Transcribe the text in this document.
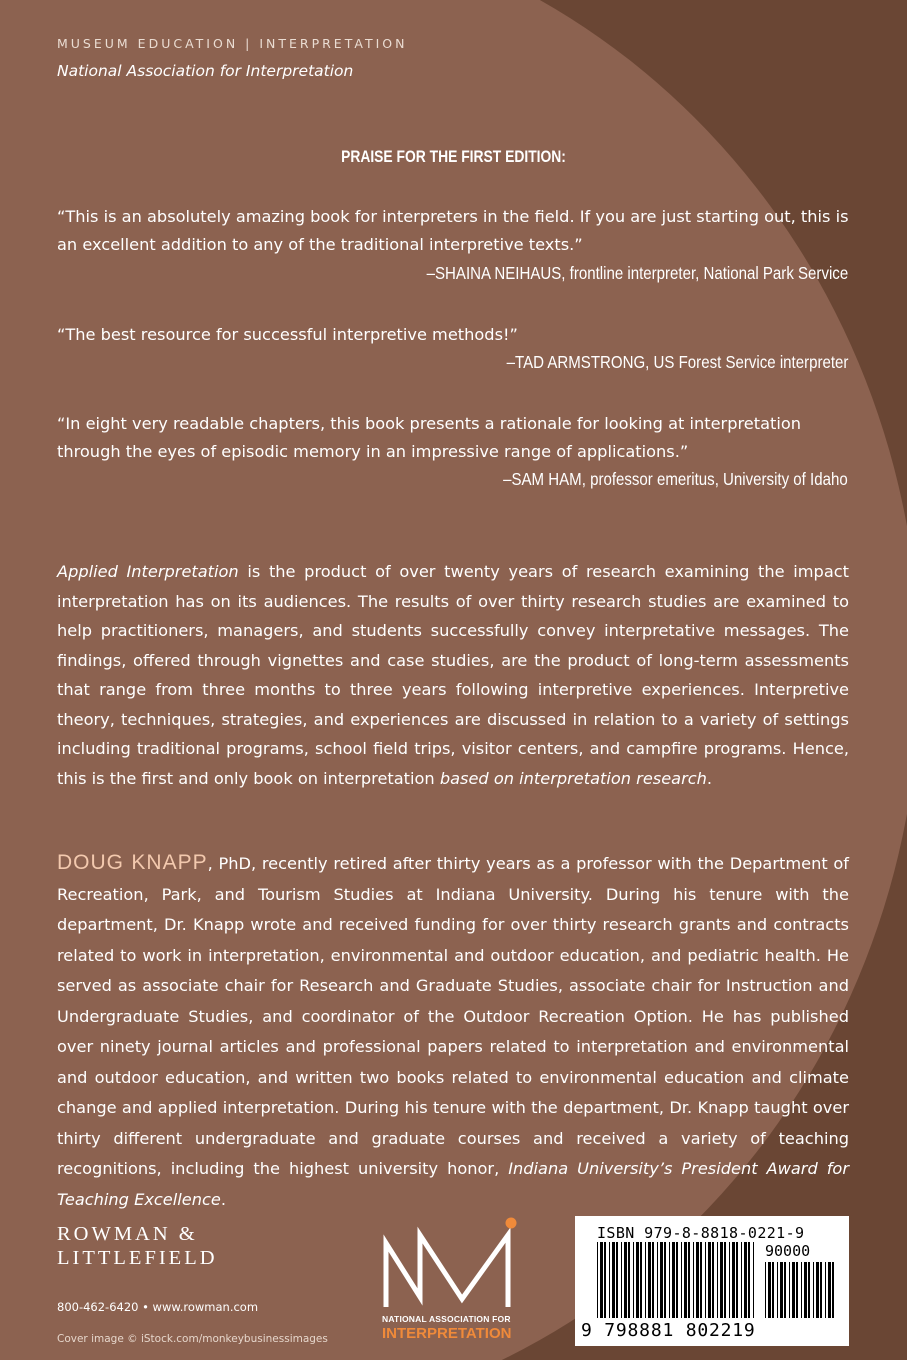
MUSEUM EDUCATION | INTERPRETATION
National Association for Interpretation
PRAISE FOR THE FIRST EDITION:

“This is an absolutely amazing book for interpreters in the field. If you are just starting out, this is an excellent addition to any of the traditional interpretive texts.”

–SHAINA NEIHAUS, frontline interpreter, National Park Service

“The best resource for successful interpretive methods!”

–TAD ARMSTRONG, US Forest Service interpreter

“In eight very readable chapters, this book presents a rationale for looking at interpretation through the eyes of episodic memory in an impressive range of applications.”

–SAM HAM, professor emeritus, University of Idaho
Applied Interpretation is the product of over twenty years of research examining the impact interpretation has on its audiences. The results of over thirty research studies are examined to help practitioners, managers, and students successfully convey interpretative messages. The findings, offered through vignettes and case studies, are the product of long-term assessments that range from three months to three years following interpretive experiences. Interpretive theory, techniques, strategies, and experiences are discussed in relation to a variety of settings including traditional programs, school field trips, visitor centers, and campfire programs. Hence, this is the first and only book on interpretation based on interpretation research.
DOUG KNAPP, PhD, recently retired after thirty years as a professor with the Department of Recreation, Park, and Tourism Studies at Indiana University. During his tenure with the department, Dr. Knapp wrote and received funding for over thirty research grants and contracts related to work in interpretation, environmental and outdoor education, and pediatric health. He served as associate chair for Research and Graduate Studies, associate chair for Instruction and Undergraduate Studies, and coordinator of the Outdoor Recreation Option. He has published over ninety journal articles and professional papers related to interpretation and environmental and outdoor education, and written two books related to environmental education and climate change and applied interpretation. During his tenure with the department, Dr. Knapp taught over thirty different undergraduate and graduate courses and received a variety of teaching recognitions, including the highest university honor, Indiana University’s President Award for Teaching Excellence.
ROWMAN &
LITTLEFIELD
800-462-6420 • www.rowman.com
Cover image © iStock.com/monkeybusinessimages
NATIONAL ASSOCIATION FOR
INTERPRETATION
ISBN 979-8-8818-0221-9
90000
9 798881 802219
